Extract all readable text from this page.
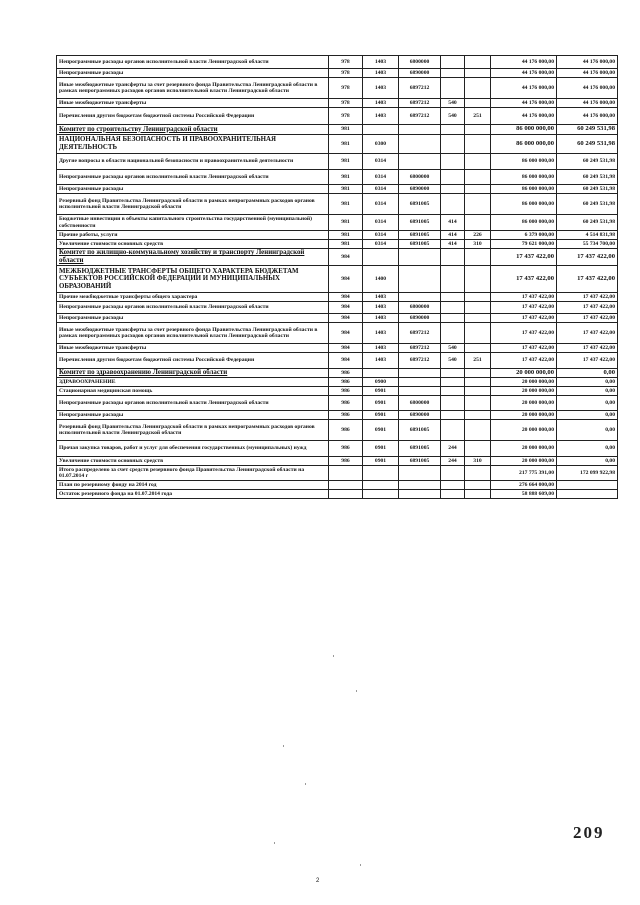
Непрограммные расходы органов исполнительной власти Ленинградской области	978	1403	6800000			44 176 000,00	44 176 000,00
Непрограммные расходы	978	1403	6890000			44 176 000,00	44 176 000,00
Иные межбюджетные трансферты за счет резервного фонда Правительства Ленинградской области в рамках непрограммных расходов органов исполнительной власти Ленинградской области	978	1403	6897212			44 176 000,00	44 176 000,00
Иные межбюджетные трансферты	978	1403	6897212	540		44 176 000,00	44 176 000,00
Перечисления другим бюджетам бюджетной системы Российской Федерации	978	1403	6897212	540	251	44 176 000,00	44 176 000,00
Комитет по строительству Ленинградской области	981					86 000 000,00	60 249 531,98
НАЦИОНАЛЬНАЯ БЕЗОПАСНОСТЬ И ПРАВООХРАНИТЕЛЬНАЯ ДЕЯТЕЛЬНОСТЬ	981	0300				86 000 000,00	60 249 531,98
Другие вопросы в области национальной безопасности и правоохранительной деятельности	981	0314				86 000 000,00	60 249 531,98
Непрограммные расходы органов исполнительной власти Ленинградской области	981	0314	6800000			86 000 000,00	60 249 531,98
Непрограммные расходы	981	0314	6890000			86 000 000,00	60 249 531,98
Резервный фонд Правительства Ленинградской области в рамках непрограммных расходов органов исполнительной власти Ленинградской области	981	0314	6891005			86 000 000,00	60 249 531,98
Бюджетные инвестиции в объекты капитального строительства государственной (муниципальной) собственности	981	0314	6891005	414		86 000 000,00	60 249 531,98
Прочие работы, услуги	981	0314	6891005	414	226	6 379 000,00	4 514 831,98
Увеличение стоимости основных средств	981	0314	6891005	414	310	79 621 000,00	55 734 700,00
Комитет по жилищно-коммунальному хозяйству и транспорту Ленинградской области	984					17 437 422,00	17 437 422,00
МЕЖБЮДЖЕТНЫЕ ТРАНСФЕРТЫ ОБЩЕГО ХАРАКТЕРА БЮДЖЕТАМ СУБЪЕКТОВ РОССИЙСКОЙ ФЕДЕРАЦИИ И МУНИЦИПАЛЬНЫХ ОБРАЗОВАНИЙ	984	1400				17 437 422,00	17 437 422,00
Прочие межбюджетные трансферты общего характера	984	1403				17 437 422,00	17 437 422,00
Непрограммные расходы органов исполнительной власти Ленинградской области	984	1403	6800000			17 437 422,00	17 437 422,00
Непрограммные расходы	984	1403	6890000			17 437 422,00	17 437 422,00
Иные межбюджетные трансферты за счет резервного фонда Правительства Ленинградской области в рамках непрограммных расходов органов исполнительной власти Ленинградской области	984	1403	6897212			17 437 422,00	17 437 422,00
Иные межбюджетные трансферты	984	1403	6897212	540		17 437 422,00	17 437 422,00
Перечисления другим бюджетам бюджетной системы Российской Федерации	984	1403	6897212	540	251	17 437 422,00	17 437 422,00
Комитет по здравоохранению Ленинградской области	986					20 000 000,00	0,00
ЗДРАВООХРАНЕНИЕ	986	0900				20 000 000,00	0,00
Стационарная медицинская помощь	986	0901				20 000 000,00	0,00
Непрограммные расходы органов исполнительной власти Ленинградской области	986	0901	6800000			20 000 000,00	0,00
Непрограммные расходы	986	0901	6890000			20 000 000,00	0,00
Резервный фонд Правительства Ленинградской области в рамках непрограммных расходов органов исполнительной власти Ленинградской области	986	0901	6891005			20 000 000,00	0,00
Прочая закупка товаров, работ и услуг для обеспечения государственных (муниципальных) нужд	986	0901	6891005	244		20 000 000,00	0,00
Увеличение стоимости основных средств	986	0901	6891005	244	310	20 000 000,00	0,00
Итого распределено за счет средств резервного фонда Правительства Ленинградской области на 01.07.2014 г						217 775 391,00	172 099 922,98
План по резервному фонду на 2014 год						276 664 000,00	
Остаток резервного фонда на 01.07.2014 года						58 888 609,00	
209
2
